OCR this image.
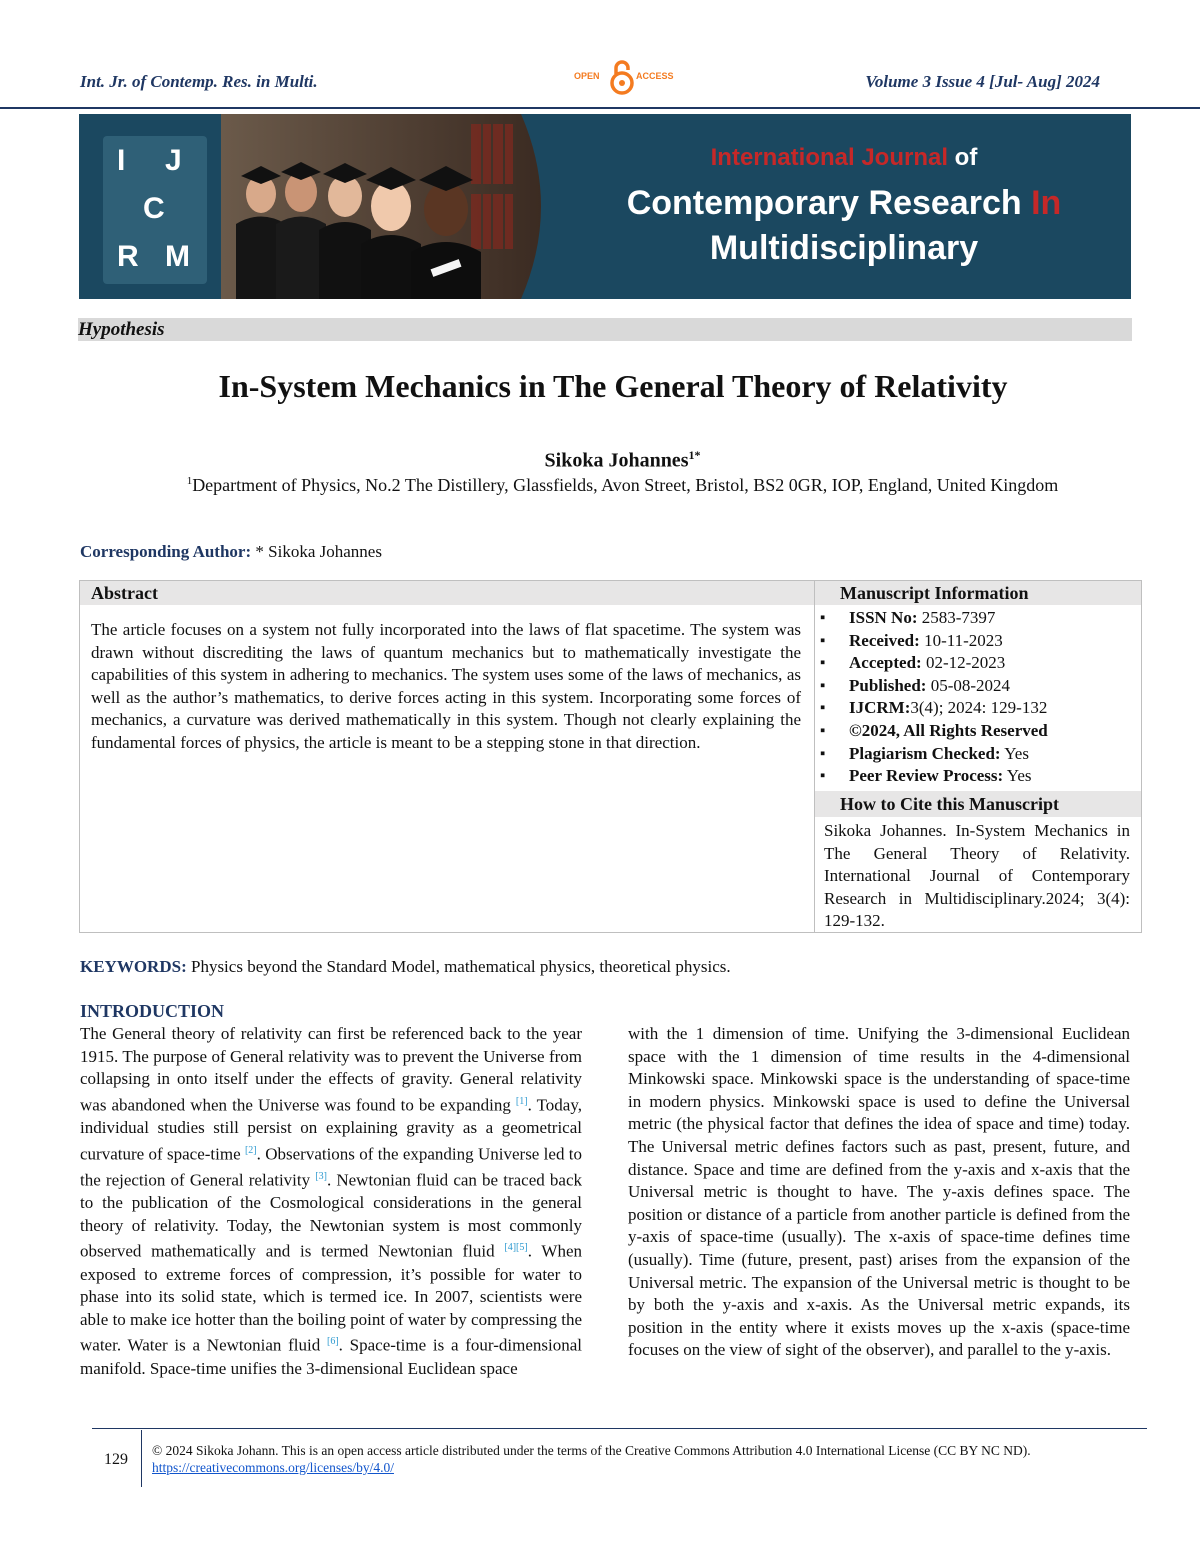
Int. Jr. of Contemp. Res. in Multi.	OPEN	ACCESS	Volume 3 Issue 4 [Jul- Aug] 2024
I J
C
R M
International Journal of
Contemporary Research In
Multidisciplinary
Hypothesis
In-System Mechanics in The General Theory of Relativity
Sikoka Johannes$^{1*}$
$^1$Department of Physics, No.2 The Distillery, Glassfields, Avon Street, Bristol, BS2 0GR, IOP, England, United Kingdom
Corresponding Author: * Sikoka Johannes
Abstract
The article focuses on a system not fully incorporated into the laws of flat spacetime. The system was drawn without discrediting the laws of quantum mechanics but to mathematically investigate the capabilities of this system in adhering to mechanics. The system uses some of the laws of mechanics, as well as the author’s mathematics, to derive forces acting in this system. Incorporating some forces of mechanics, a curvature was derived mathematically in this system. Though not clearly explaining the fundamental forces of physics, the article is meant to be a stepping stone in that direction.
Manuscript Information
▪ ISSN No: 2583-7397
▪ Received: 10-11-2023
▪ Accepted: 02-12-2023
▪ Published: 05-08-2024
▪ IJCRM:3(4); 2024: 129-132
▪ ©2024, All Rights Reserved
▪ Plagiarism Checked: Yes
▪ Peer Review Process: Yes
How to Cite this Manuscript
Sikoka Johannes. In-System Mechanics in The General Theory of Relativity. International Journal of Contemporary Research in Multidisciplinary.2024; 3(4): 129-132.
KEYWORDS: Physics beyond the Standard Model, mathematical physics, theoretical physics.
INTRODUCTION
The General theory of relativity can first be referenced back to the year 1915. The purpose of General relativity was to prevent the Universe from collapsing in onto itself under the effects of gravity. General relativity was abandoned when the Universe was found to be expanding [1]. Today, individual studies still persist on explaining gravity as a geometrical curvature of space-time [2]. Observations of the expanding Universe led to the rejection of General relativity [3]. Newtonian fluid can be traced back to the publication of the Cosmological considerations in the general theory of relativity. Today, the Newtonian system is most commonly observed mathematically and is termed Newtonian fluid [4][5]. When exposed to extreme forces of compression, it’s possible for water to phase into its solid state, which is termed ice. In 2007, scientists were able to make ice hotter than the boiling point of water by compressing the water. Water is a Newtonian fluid [6]. Space-time is a four-dimensional manifold. Space-time unifies the 3-dimensional Euclidean space
with the 1 dimension of time. Unifying the 3-dimensional Euclidean space with the 1 dimension of time results in the 4-dimensional Minkowski space. Minkowski space is the understanding of space-time in modern physics. Minkowski space is used to define the Universal metric (the physical factor that defines the idea of space and time) today. The Universal metric defines factors such as past, present, future, and distance. Space and time are defined from the y-axis and x-axis that the Universal metric is thought to have. The y-axis defines space. The position or distance of a particle from another particle is defined from the y-axis of space-time (usually). The x-axis of space-time defines time (usually). Time (future, present, past) arises from the expansion of the Universal metric. The expansion of the Universal metric is thought to be by both the y-axis and x-axis. As the Universal metric expands, its position in the entity where it exists moves up the x-axis (space-time focuses on the view of sight of the observer), and parallel to the y-axis.
129
© 2024 Sikoka Johann. This is an open access article distributed under the terms of the Creative Commons Attribution 4.0 International License (CC BY NC ND). https://creativecommons.org/licenses/by/4.0/
